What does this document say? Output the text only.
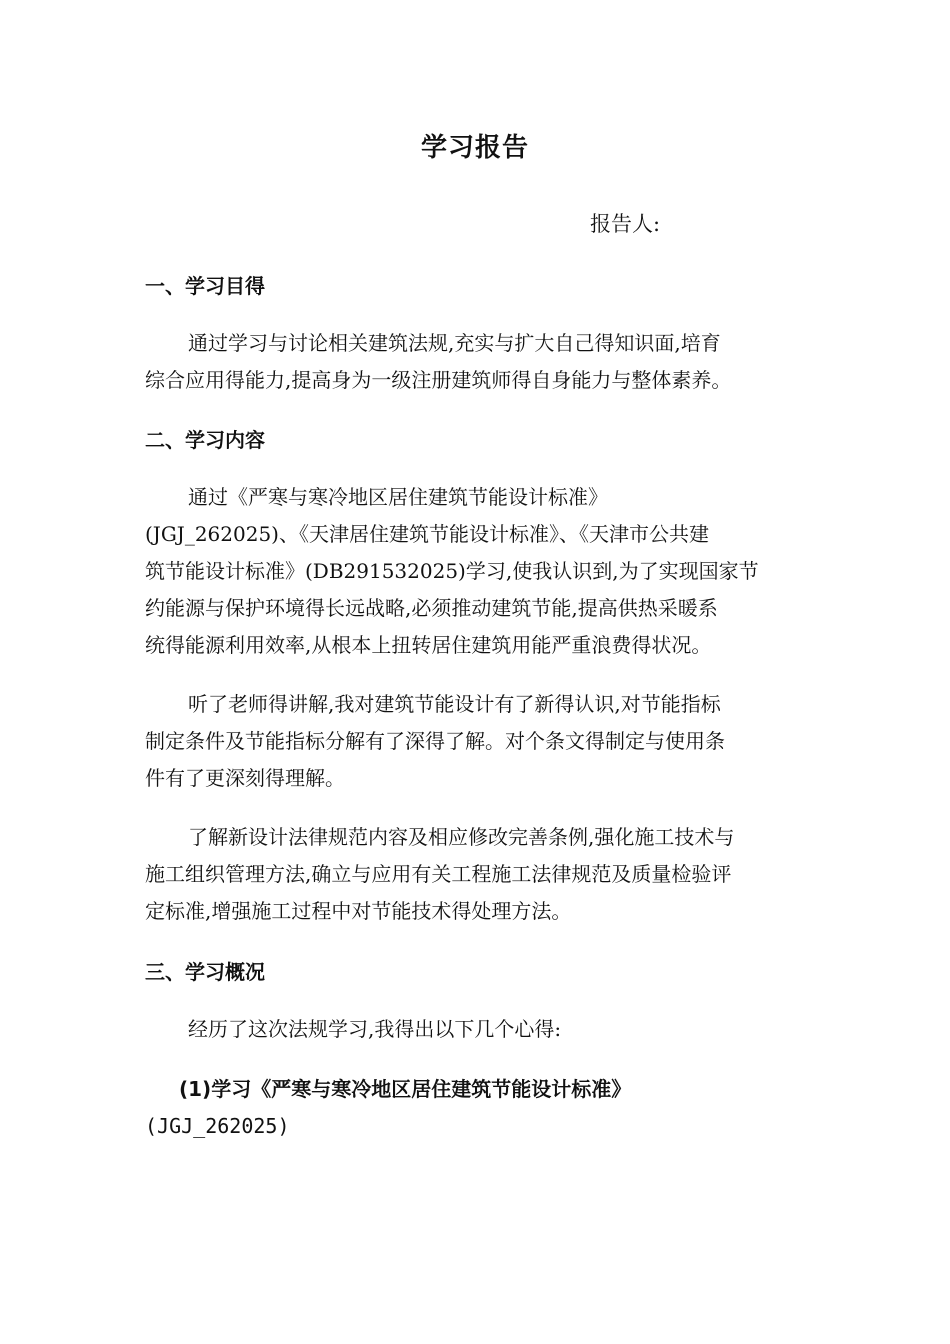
学习报告
报告人:
一、学习目得
通过学习与讨论相关建筑法规,充实与扩大自己得知识面,培育
综合应用得能力,提高身为一级注册建筑师得自身能力与整体素养。
二、学习内容
通过《严寒与寒冷地区居住建筑节能设计标准》
(JGJ_262025)、《天津居住建筑节能设计标准》、《天津市公共建
筑节能设计标准》(DB291532025)学习,使我认识到,为了实现国家节
约能源与保护环境得长远战略,必须推动建筑节能,提高供热采暖系
统得能源利用效率,从根本上扭转居住建筑用能严重浪费得状况。
听了老师得讲解,我对建筑节能设计有了新得认识,对节能指标
制定条件及节能指标分解有了深得了解。对个条文得制定与使用条
件有了更深刻得理解。
了解新设计法律规范内容及相应修改完善条例,强化施工技术与
施工组织管理方法,确立与应用有关工程施工法律规范及质量检验评
定标准,增强施工过程中对节能技术得处理方法。
三、学习概况
经历了这次法规学习,我得出以下几个心得:
(1)学习《严寒与寒冷地区居住建筑节能设计标准》
(JGJ_262025)
